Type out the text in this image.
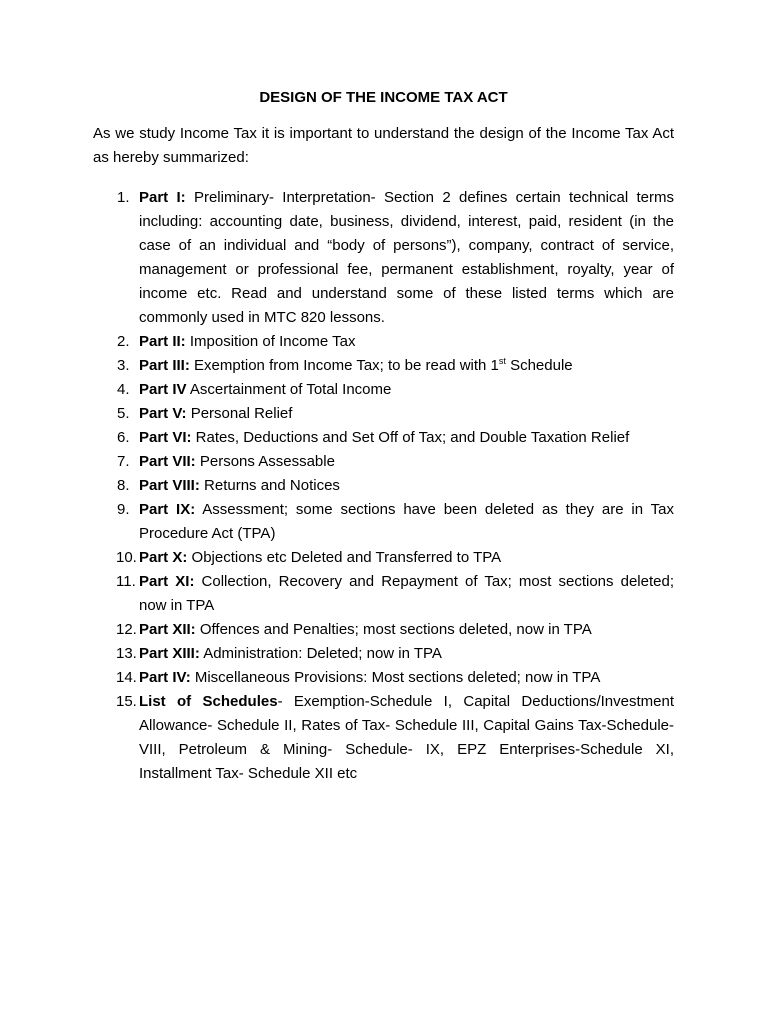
DESIGN OF THE INCOME TAX ACT

As we study Income Tax it is important to understand the design of the Income Tax Act as hereby summarized:

1. Part I: Preliminary- Interpretation- Section 2 defines certain technical terms including: accounting date, business, dividend, interest, paid, resident (in the case of an individual and “body of persons”), company, contract of service, management or professional fee, permanent establishment, royalty, year of income etc. Read and understand some of these listed terms which are commonly used in MTC 820 lessons.
2. Part II: Imposition of Income Tax
3. Part III: Exemption from Income Tax; to be read with 1st Schedule
4. Part IV Ascertainment of Total Income
5. Part V: Personal Relief
6. Part VI: Rates, Deductions and Set Off of Tax; and Double Taxation Relief
7. Part VII: Persons Assessable
8. Part VIII: Returns and Notices
9. Part IX: Assessment; some sections have been deleted as they are in Tax Procedure Act (TPA)
10. Part X: Objections etc Deleted and Transferred to TPA
11. Part XI: Collection, Recovery and Repayment of Tax; most sections deleted; now in TPA
12. Part XII: Offences and Penalties; most sections deleted, now in TPA
13. Part XIII: Administration: Deleted; now in TPA
14. Part IV: Miscellaneous Provisions: Most sections deleted; now in TPA
15. List of Schedules- Exemption-Schedule I, Capital Deductions/Investment Allowance- Schedule II, Rates of Tax- Schedule III, Capital Gains Tax-Schedule- VIII, Petroleum & Mining- Schedule- IX, EPZ Enterprises-Schedule XI, Installment Tax- Schedule XII etc
